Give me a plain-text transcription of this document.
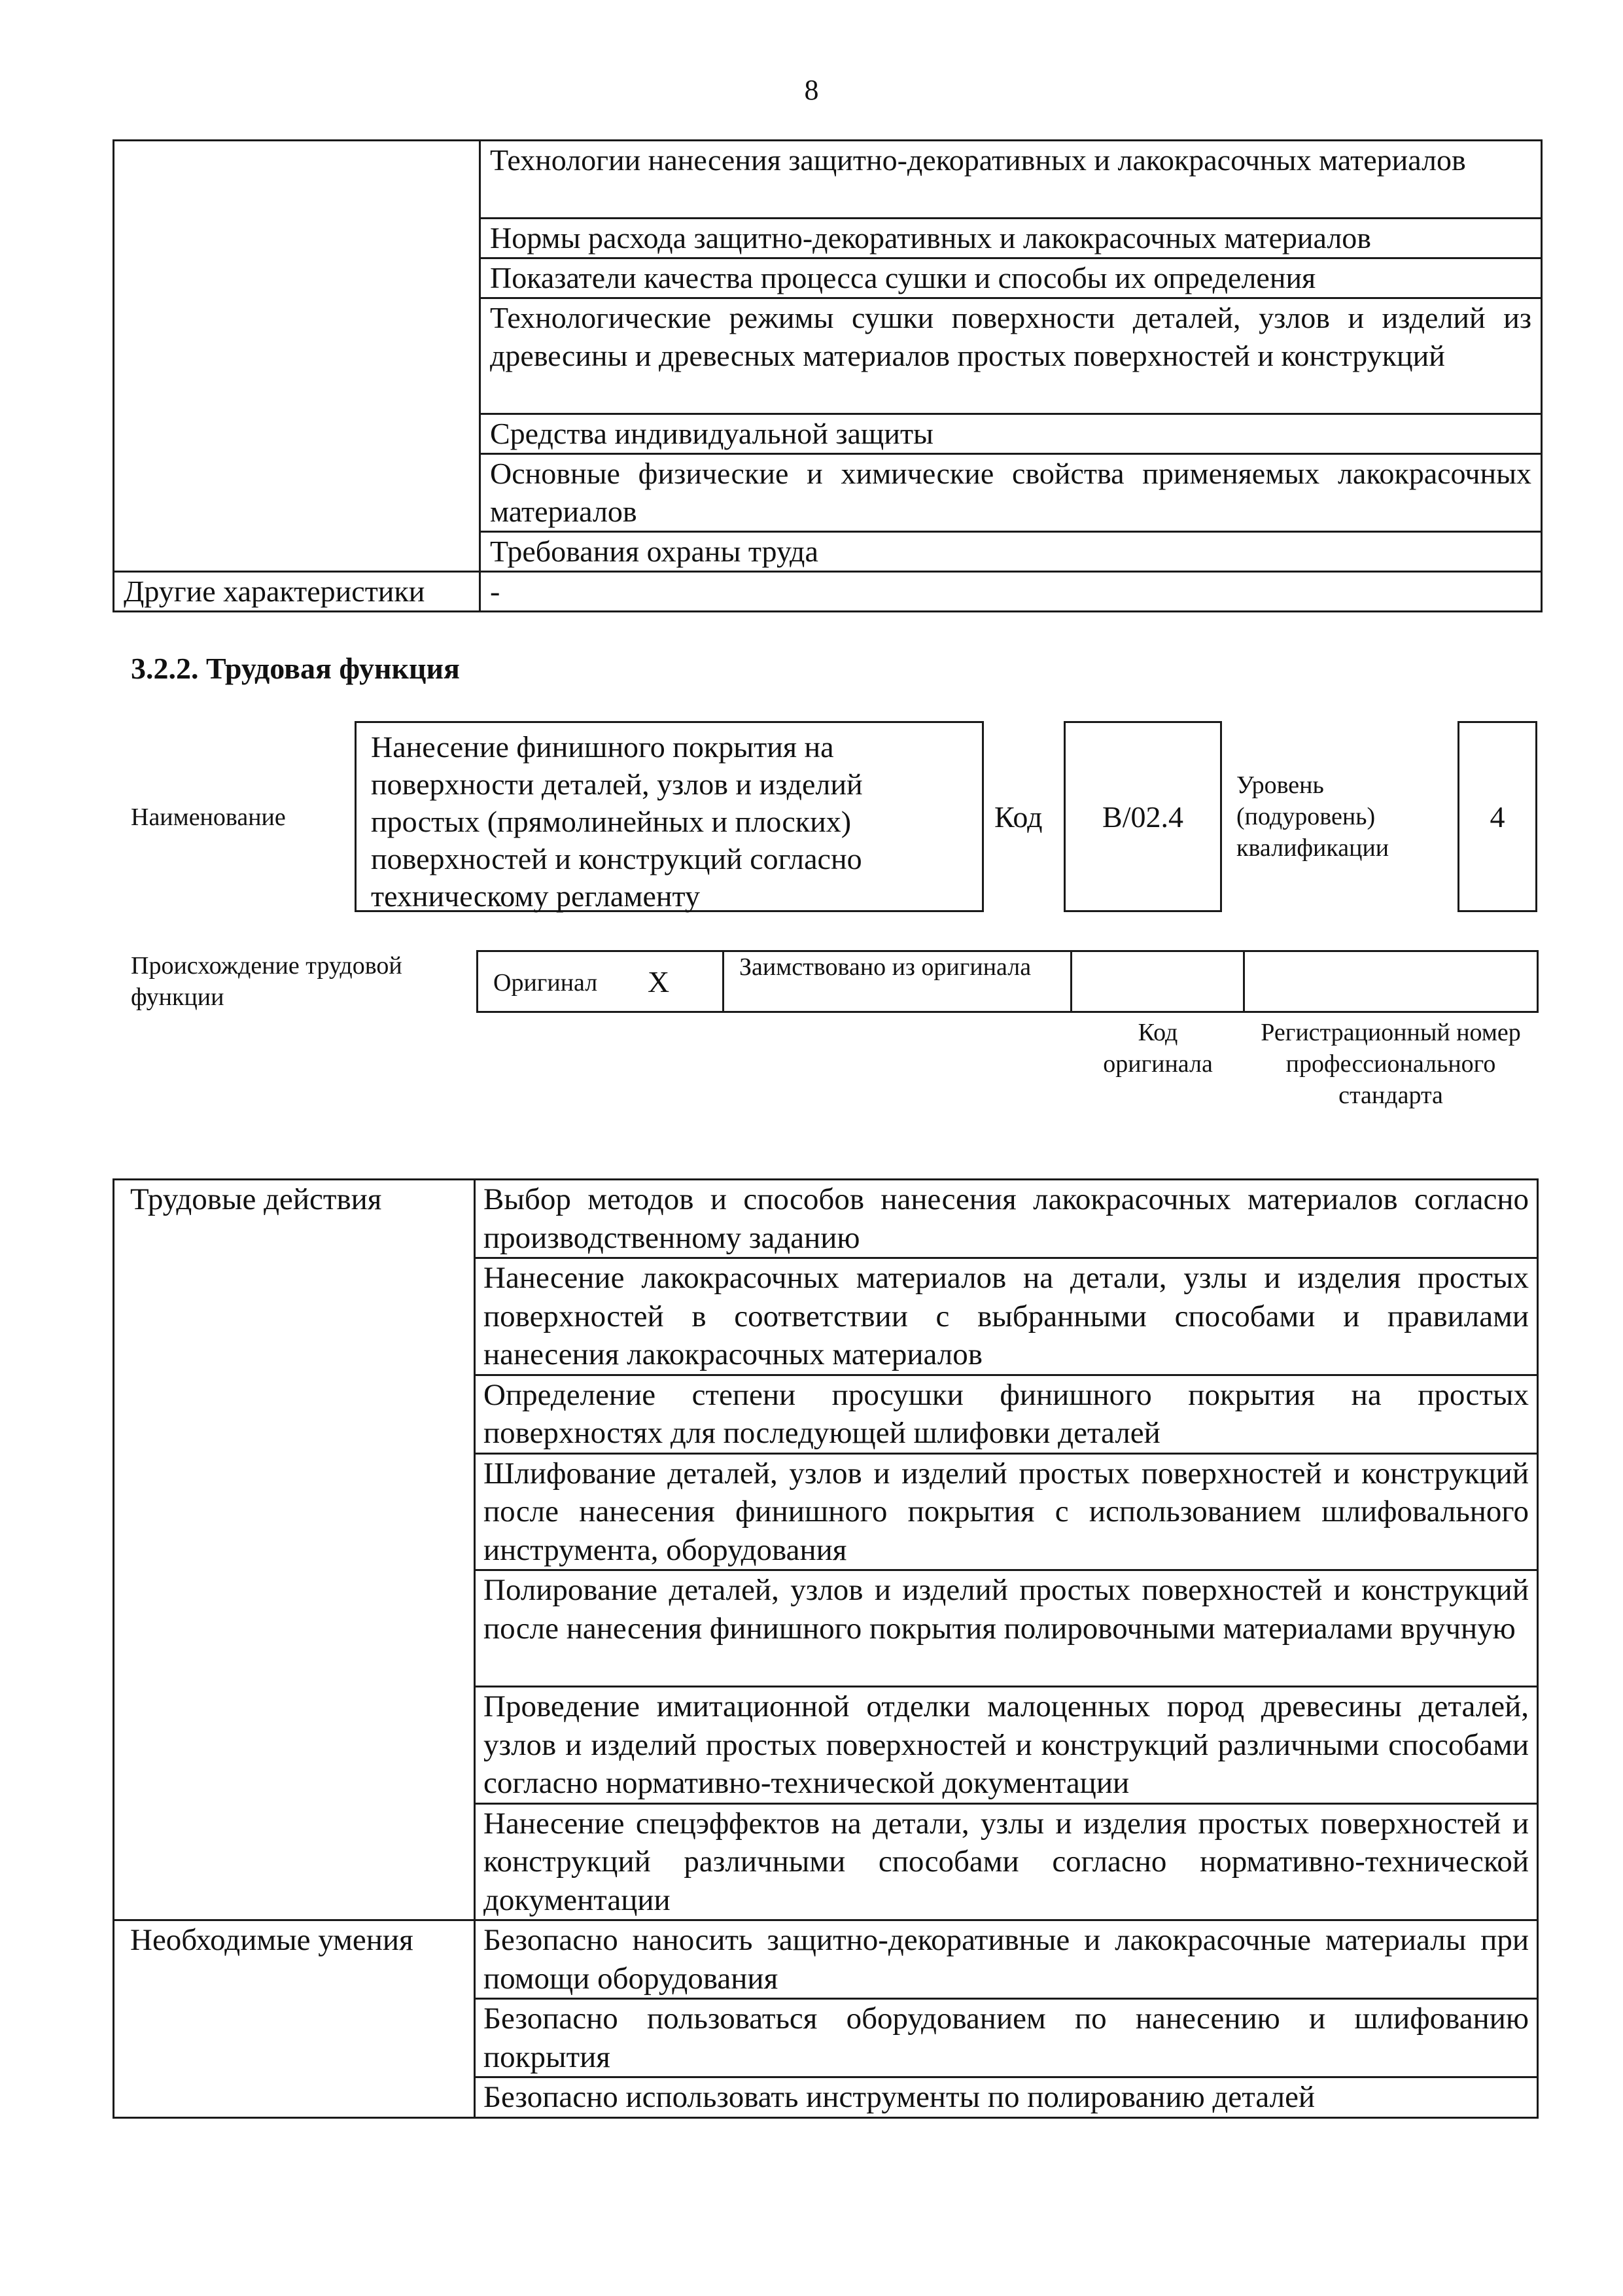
8
	Технологии нанесения защитно-декоративных и лакокрасочных материалов
	Нормы расхода защитно-декоративных и лакокрасочных материалов
	Показатели качества процесса сушки и способы их определения
	Технологические режимы сушки поверхности деталей, узлов и изделий из древесины и древесных материалов простых поверхностей и конструкций
	Средства индивидуальной защиты
	Основные физические и химические свойства применяемых лакокрасочных материалов
	Требования охраны труда
Другие характеристики	-
3.2.2. Трудовая функция
Наименование
Нанесение финишного покрытия на поверхности деталей, узлов и изделий простых (прямолинейных и плоских) поверхностей и конструкций согласно техническому регламенту
Код	B/02.4
Уровень (подуровень) квалификации
4
Происхождение трудовой функции
Оригинал X	Заимствовано из оригинала
Код оригинала
Регистрационный номер профессионального стандарта
Трудовые действия	Выбор методов и способов нанесения лакокрасочных материалов согласно производственному заданию
	Нанесение лакокрасочных материалов на детали, узлы и изделия простых поверхностей в соответствии с выбранными способами и правилами нанесения лакокрасочных материалов
	Определение степени просушки финишного покрытия на простых поверхностях для последующей шлифовки деталей
	Шлифование деталей, узлов и изделий простых поверхностей и конструкций после нанесения финишного покрытия с использованием шлифовального инструмента, оборудования
	Полирование деталей, узлов и изделий простых поверхностей и конструкций после нанесения финишного покрытия полировочными материалами вручную
	Проведение имитационной отделки малоценных пород древесины деталей, узлов и изделий простых поверхностей и конструкций различными способами согласно нормативно-технической документации
	Нанесение спецэффектов на детали, узлы и изделия простых поверхностей и конструкций различными способами согласно нормативно-технической документации
Необходимые умения	Безопасно наносить защитно-декоративные и лакокрасочные материалы при помощи оборудования
	Безопасно пользоваться оборудованием по нанесению и шлифованию покрытия
	Безопасно использовать инструменты по полированию деталей
